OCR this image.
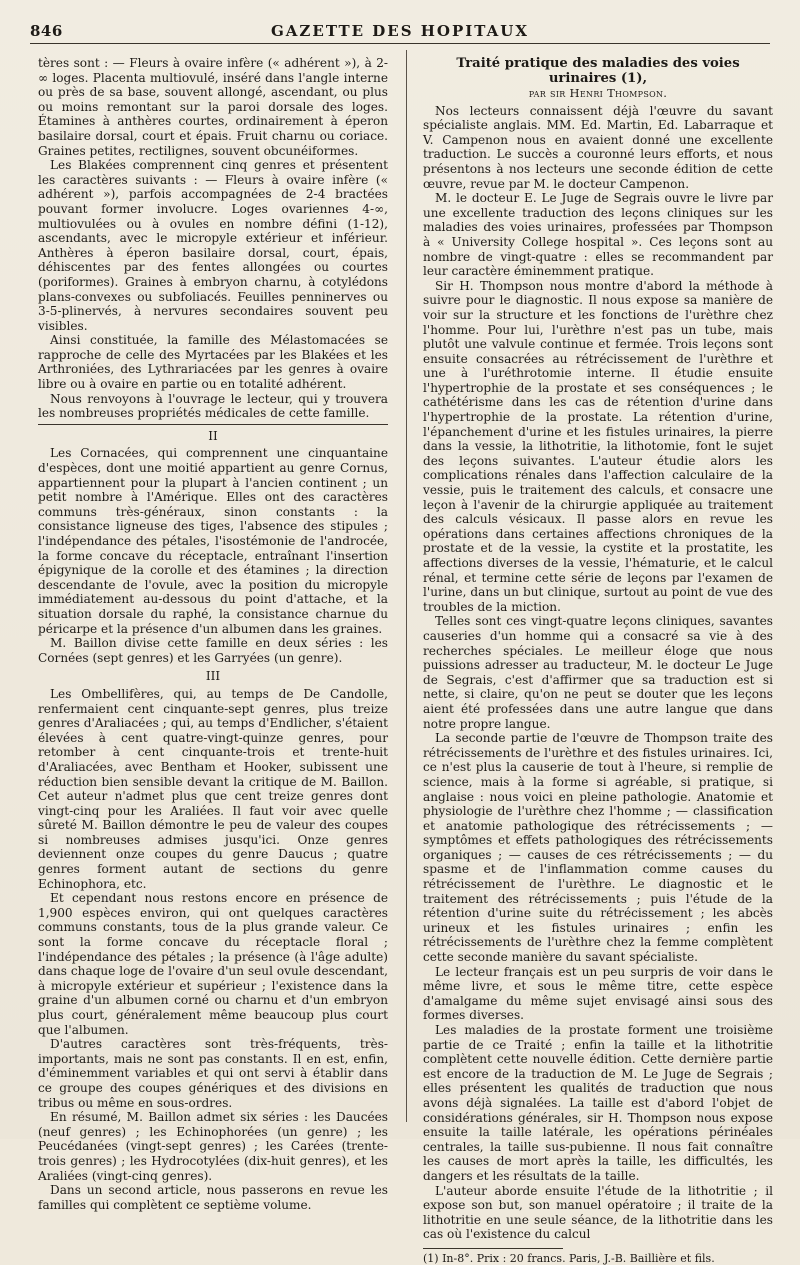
846	GAZETTE DES HOPITAUX

tères sont : — Fleurs à ovaire infère (« adhérent »), à 2-∞ loges. Placenta multiovulé, inséré dans l'angle interne ou près de sa base, souvent allongé, ascendant, ou plus ou moins remontant sur la paroi dorsale des loges. Étamines à anthères courtes, ordinairement à éperon basilaire dorsal, court et épais. Fruit charnu ou coriace. Graines petites, rectilignes, souvent obcunéiformes.

Les Blakées comprennent cinq genres et présentent les caractères suivants : — Fleurs à ovaire infère (« adhérent »), parfois accompagnées de 2-4 bractées pouvant former involucre. Loges ovariennes 4-∞, multiovulées ou à ovules en nombre défini (1-12), ascendants, avec le micropyle extérieur et inférieur. Anthères à éperon basilaire dorsal, court, épais, déhiscentes par des fentes allongées ou courtes (poriformes). Graines à embryon charnu, à cotylédons plans-convexes ou subfoliacés. Feuilles penninerves ou 3-5-plinervés, à nervures secondaires souvent peu visibles.

Ainsi constituée, la famille des Mélastomacées se rapproche de celle des Myrtacées par les Blakées et les Arthroniées, des Lythrariacées par les genres à ovaire libre ou à ovaire en partie ou en totalité adhérent.

Nous renvoyons à l'ouvrage le lecteur, qui y trouvera les nombreuses propriétés médicales de cette famille.

II

Les Cornacées, qui comprennent une cinquantaine d'espèces, dont une moitié appartient au genre Cornus, appartiennent pour la plupart à l'ancien continent ; un petit nombre à l'Amérique. Elles ont des caractères communs très-généraux, sinon constants : la consistance ligneuse des tiges, l'absence des stipules ; l'indépendance des pétales, l'isostémonie de l'androcée, la forme concave du réceptacle, entraînant l'insertion épigynique de la corolle et des étamines ; la direction descendante de l'ovule, avec la position du micropyle immédiatement au-dessous du point d'attache, et la situation dorsale du raphé, la consistance charnue du péricarpe et la présence d'un albumen dans les graines.

M. Baillon divise cette famille en deux séries : les Cornées (sept genres) et les Garryées (un genre).

III

Les Ombellifères, qui, au temps de De Candolle, renfermaient cent cinquante-sept genres, plus treize genres d'Araliacées ; qui, au temps d'Endlicher, s'étaient élevées à cent quatre-vingt-quinze genres, pour retomber à cent cinquante-trois et trente-huit d'Araliacées, avec Bentham et Hooker, subissent une réduction bien sensible devant la critique de M. Baillon. Cet auteur n'admet plus que cent treize genres dont vingt-cinq pour les Araliées. Il faut voir avec quelle sûreté M. Baillon démontre le peu de valeur des coupes si nombreuses admises jusqu'ici. Onze genres deviennent onze coupes du genre Daucus ; quatre genres forment autant de sections du genre Echinophora, etc.

Et cependant nous restons encore en présence de 1,900 espèces environ, qui ont quelques caractères communs constants, tous de la plus grande valeur. Ce sont la forme concave du réceptacle floral ; l'indépendance des pétales ; la présence (à l'âge adulte) dans chaque loge de l'ovaire d'un seul ovule descendant, à micropyle extérieur et supérieur ; l'existence dans la graine d'un albumen corné ou charnu et d'un embryon plus court, généralement même beaucoup plus court que l'albumen.

D'autres caractères sont très-fréquents, très-importants, mais ne sont pas constants. Il en est, enfin, d'éminemment variables et qui ont servi à établir dans ce groupe des coupes génériques et des divisions en tribus ou même en sous-ordres.

En résumé, M. Baillon admet six séries : les Daucées (neuf genres) ; les Echinophorées (un genre) ; les Peucédanées (vingt-sept genres) ; les Carées (trente-trois genres) ; les Hydrocotylées (dix-huit genres), et les Araliées (vingt-cinq genres).

Dans un second article, nous passerons en revue les familles qui complètent ce septième volume.

Traité pratique des maladies des voies urinaires (1),
par sir Henri Thompson.

Nos lecteurs connaissent déjà l'œuvre du savant spécialiste anglais. MM. Ed. Martin, Ed. Labarraque et V. Campenon nous en avaient donné une excellente traduction. Le succès a couronné leurs efforts, et nous présentons à nos lecteurs une seconde édition de cette œuvre, revue par M. le docteur Campenon.

M. le docteur E. Le Juge de Segrais ouvre le livre par une excellente traduction des leçons cliniques sur les maladies des voies urinaires, professées par Thompson à « University College hospital ». Ces leçons sont au nombre de vingt-quatre : elles se recommandent par leur caractère éminemment pratique.

Sir H. Thompson nous montre d'abord la méthode à suivre pour le diagnostic. Il nous expose sa manière de voir sur la structure et les fonctions de l'urèthre chez l'homme. Pour lui, l'urèthre n'est pas un tube, mais plutôt une valvule continue et fermée. Trois leçons sont ensuite consacrées au rétrécissement de l'urèthre et une à l'uréthrotomie interne. Il étudie ensuite l'hypertrophie de la prostate et ses conséquences ; le cathétérisme dans les cas de rétention d'urine dans l'hypertrophie de la prostate. La rétention d'urine, l'épanchement d'urine et les fistules urinaires, la pierre dans la vessie, la lithotritie, la lithotomie, font le sujet des leçons suivantes. L'auteur étudie alors les complications rénales dans l'affection calculaire de la vessie, puis le traitement des calculs, et consacre une leçon à l'avenir de la chirurgie appliquée au traitement des calculs vésicaux. Il passe alors en revue les opérations dans certaines affections chroniques de la prostate et de la vessie, la cystite et la prostatite, les affections diverses de la vessie, l'hématurie, et le calcul rénal, et termine cette série de leçons par l'examen de l'urine, dans un but clinique, surtout au point de vue des troubles de la miction.

Telles sont ces vingt-quatre leçons cliniques, savantes causeries d'un homme qui a consacré sa vie à des recherches spéciales. Le meilleur éloge que nous puissions adresser au traducteur, M. le docteur Le Juge de Segrais, c'est d'affirmer que sa traduction est si nette, si claire, qu'on ne peut se douter que les leçons aient été professées dans une autre langue que dans notre propre langue.

La seconde partie de l'œuvre de Thompson traite des rétrécissements de l'urèthre et des fistules urinaires. Ici, ce n'est plus la causerie de tout à l'heure, si remplie de science, mais à la forme si agréable, si pratique, si anglaise : nous voici en pleine pathologie. Anatomie et physiologie de l'urèthre chez l'homme ; — classification et anatomie pathologique des rétrécissements ; — symptômes et effets pathologiques des rétrécissements organiques ; — causes de ces rétrécissements ; — du spasme et de l'inflammation comme causes du rétrécissement de l'urèthre. Le diagnostic et le traitement des rétrécissements ; puis l'étude de la rétention d'urine suite du rétrécissement ; les abcès urineux et les fistules urinaires ; enfin les rétrécissements de l'urèthre chez la femme complètent cette seconde manière du savant spécialiste.

Le lecteur français est un peu surpris de voir dans le même livre, et sous le même titre, cette espèce d'amalgame du même sujet envisagé ainsi sous des formes diverses.

Les maladies de la prostate forment une troisième partie de ce Traité ; enfin la taille et la lithotritie complètent cette nouvelle édition. Cette dernière partie est encore de la traduction de M. Le Juge de Segrais ; elles présentent les qualités de traduction que nous avons déjà signalées. La taille est d'abord l'objet de considérations générales, sir H. Thompson nous expose ensuite la taille latérale, les opérations périnéales centrales, la taille sus-pubienne. Il nous fait connaître les causes de mort après la taille, les difficultés, les dangers et les résultats de la taille.

L'auteur aborde ensuite l'étude de la lithotritie ; il expose son but, son manuel opératoire ; il traite de la lithotritie en une seule séance, de la lithotritie dans les cas où l'existence du calcul

(1) In-8°. Prix : 20 francs. Paris, J.-B. Baillière et fils.
